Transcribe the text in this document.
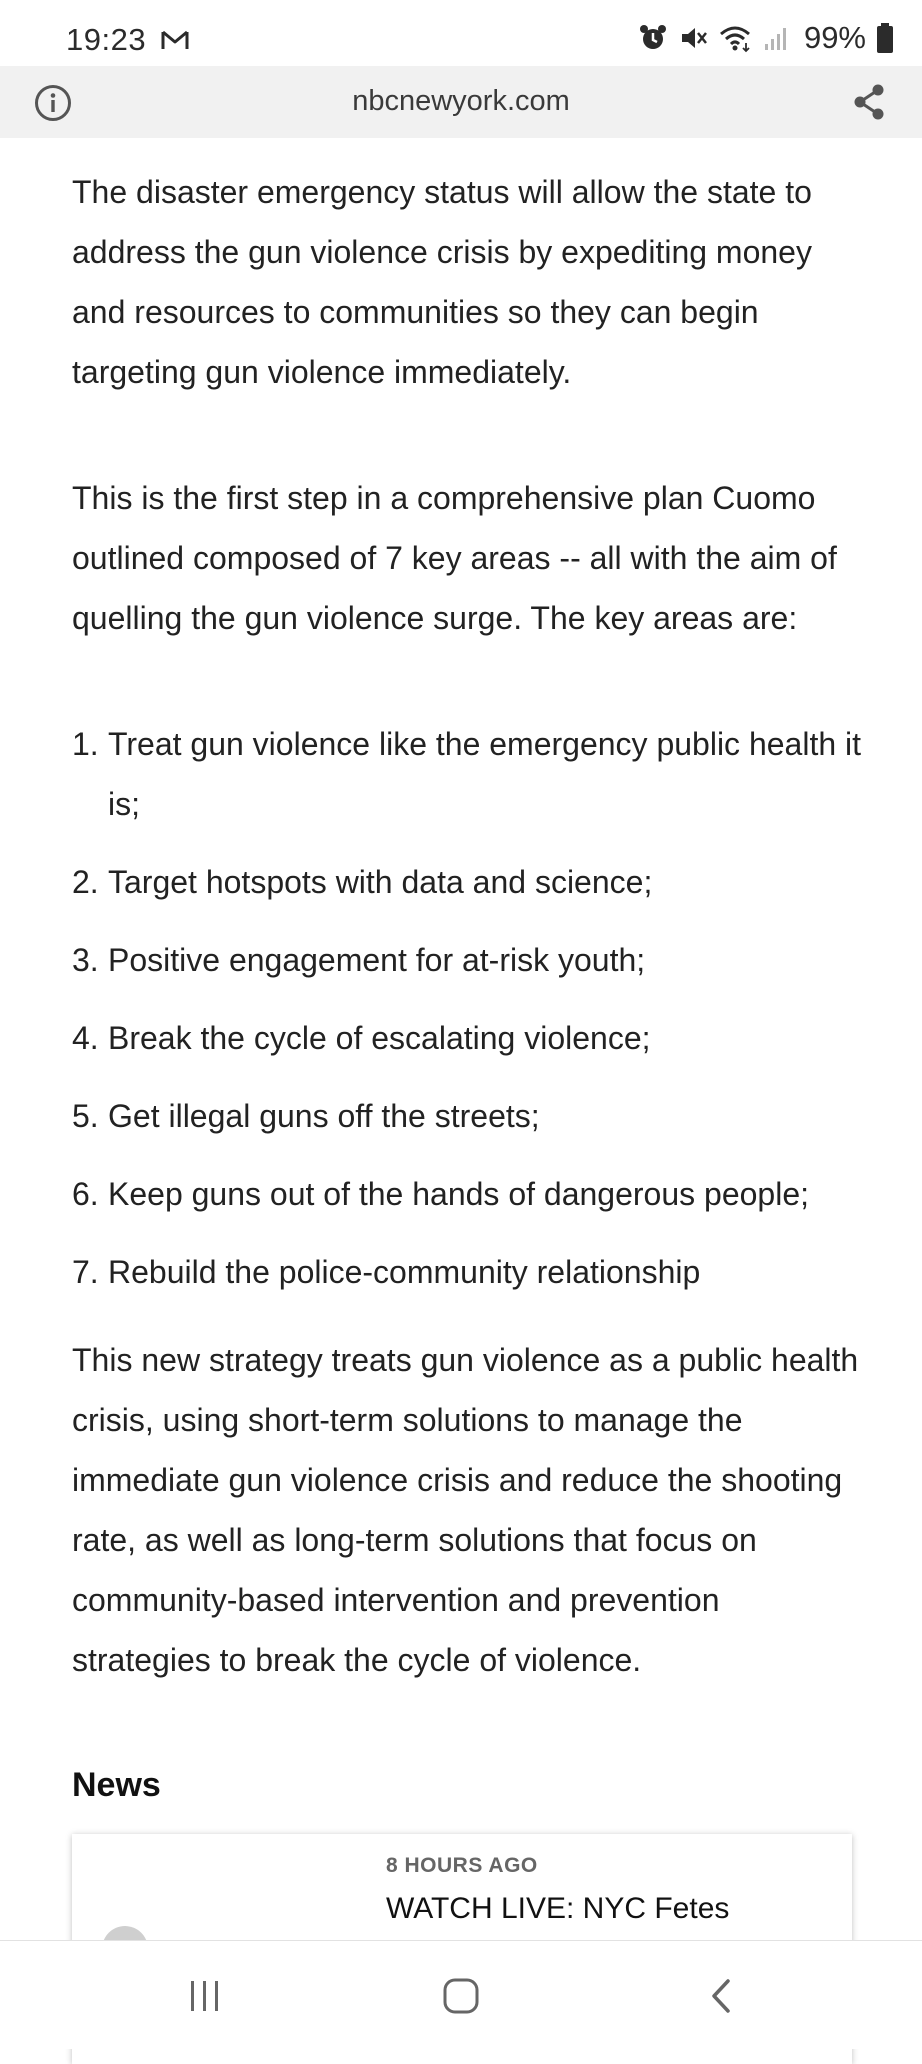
19:23	99%
nbcnewyork.com

The disaster emergency status will allow the state to address the gun violence crisis by expediting money and resources to communities so they can begin targeting gun violence immediately.

This is the first step in a comprehensive plan Cuomo outlined composed of 7 key areas -- all with the aim of quelling the gun violence surge. The key areas are:

1. Treat gun violence like the emergency public health it is;
2. Target hotspots with data and science;
3. Positive engagement for at-risk youth;
4. Break the cycle of escalating violence;
5. Get illegal guns off the streets;
6. Keep guns out of the hands of dangerous people;
7. Rebuild the police-community relationship

This new strategy treats gun violence as a public health crisis, using short-term solutions to manage the immediate gun violence crisis and reduce the shooting rate, as well as long-term solutions that focus on community-based intervention and prevention strategies to break the cycle of violence.

News
8 HOURS AGO
WATCH LIVE: NYC Fetes
